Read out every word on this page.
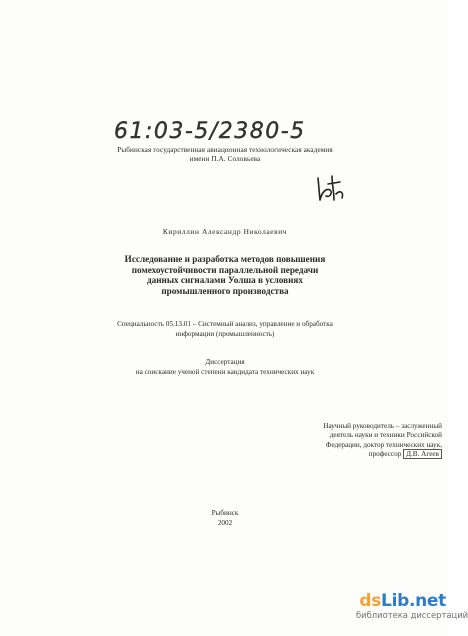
61:03-5/2380-5
Рыбинская государственная авиационная технологическая академия
имени П.А. Соловьева
Кириллин Александр Николаевич
Исследование и разработка методов повышения
помехоустойчивости параллельной передачи
данных сигналами Уолша в условиях
промышленного производства
Специальность 05.13.01 – Системный анализ, управление и обработка
информации (промышленность)
Диссертация
на соискание ученой степени кандидата технических наук
Научный руководитель – заслуженный
деятель науки и техники Российской
Федерации, доктор технических наук,
профессор Д.В. Агеев
Рыбинск
2002
dsLib.net
библиотека диссертаций
